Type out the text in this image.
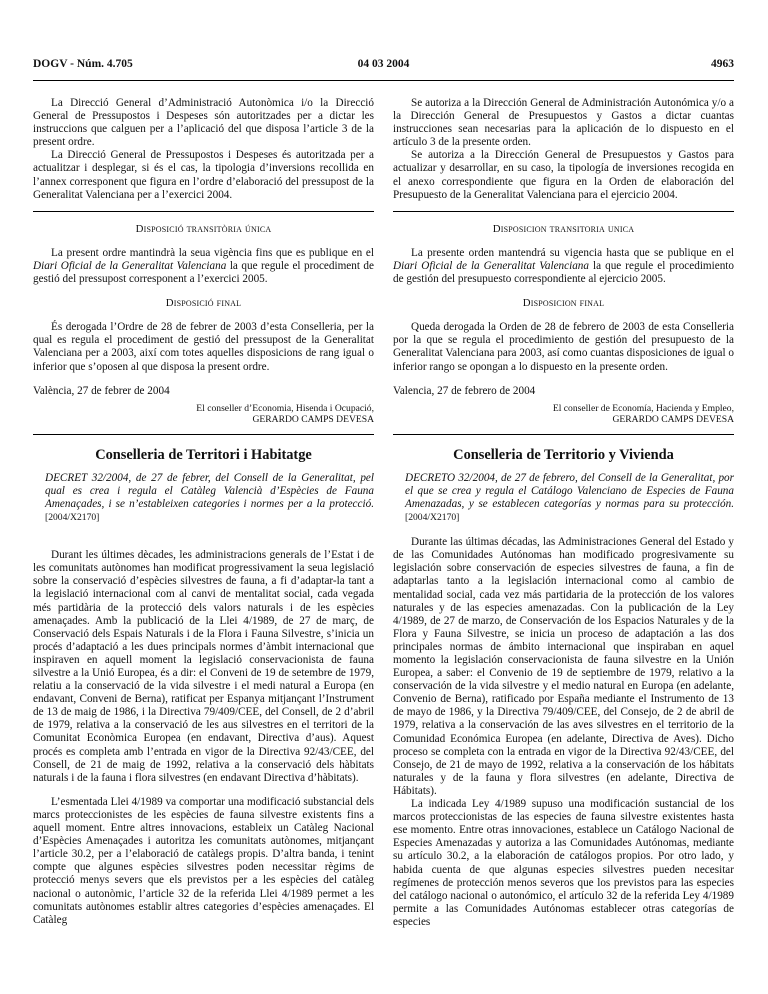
DOGV - Núm. 4.705	04 03 2004	4963

La Direcció General d’Administració Autonòmica i/o la Direcció General de Pressupostos i Despeses són autoritzades per a dictar les instruccions que calguen per a l’aplicació del que disposa l’article 3 de la present ordre.

La Direcció General de Pressupostos i Despeses és autoritzada per a actualitzar i desplegar, si és el cas, la tipologia d’inversions recollida en l’annex corresponent que figura en l’ordre d’elaboració del pressupost de la Generalitat Valenciana per a l’exercici 2004.

Disposició transitòria única

La present ordre mantindrà la seua vigència fins que es publique en el Diari Oficial de la Generalitat Valenciana la que regule el procediment de gestió del pressupost corresponent a l’exercici 2005.

Disposició final

És derogada l’Ordre de 28 de febrer de 2003 d’esta Conselleria, per la qual es regula el procediment de gestió del pressupost de la Generalitat Valenciana per a 2003, així com totes aquelles disposicions de rang igual o inferior que s’oposen al que disposa la present ordre.

València, 27 de febrer de 2004

El conseller d’Economia, Hisenda i Ocupació,

GERARDO CAMPS DEVESA

Conselleria de Territori i Habitatge

DECRET 32/2004, de 27 de febrer, del Consell de la Generalitat, pel qual es crea i regula el Catàleg Valencià d’Espècies de Fauna Amenaçades, i se n’estableixen categories i normes per a la protecció. [2004/X2170]

Durant les últimes dècades, les administracions generals de l’Estat i de les comunitats autònomes han modificat progressivament la seua legislació sobre la conservació d’espècies silvestres de fauna, a fi d’adaptar-la tant a la legislació internacional com al canvi de mentalitat social, cada vegada més partidària de la protecció dels valors naturals i de les espècies amenaçades. Amb la publicació de la Llei 4/1989, de 27 de març, de Conservació dels Espais Naturals i de la Flora i Fauna Silvestre, s’inicia un procés d’adaptació a les dues principals normes d’àmbit internacional que inspiraven en aquell moment la legislació conservacionista de fauna silvestre a la Unió Europea, és a dir: el Conveni de 19 de setembre de 1979, relatiu a la conservació de la vida silvestre i el medi natural a Europa (en endavant, Conveni de Berna), ratificat per Espanya mitjançant l’Instrument de 13 de maig de 1986, i la Directiva 79/409/CEE, del Consell, de 2 d’abril de 1979, relativa a la conservació de les aus silvestres en el territori de la Comunitat Econòmica Europea (en endavant, Directiva d’aus). Aquest procés es completa amb l’entrada en vigor de la Directiva 92/43/CEE, del Consell, de 21 de maig de 1992, relativa a la conservació dels hàbitats naturals i de la fauna i flora silvestres (en endavant Directiva d’hàbitats).

L’esmentada Llei 4/1989 va comportar una modificació substancial dels marcs proteccionistes de les espècies de fauna silvestre existents fins a aquell moment. Entre altres innovacions, estableix un Catàleg Nacional d’Espècies Amenaçades i autoritza les comunitats autònomes, mitjançant l’article 30.2, per a l’elaboració de catàlegs propis. D’altra banda, i tenint compte que algunes espècies silvestres poden necessitar règims de protecció menys severs que els previstos per a les espècies del catàleg nacional o autonòmic, l’article 32 de la referida Llei 4/1989 permet a les comunitats autònomes establir altres categories d’espècies amenaçades. El Catàleg

Se autoriza a la Dirección General de Administración Autonómica y/o a la Dirección General de Presupuestos y Gastos a dictar cuantas instrucciones sean necesarias para la aplicación de lo dispuesto en el artículo 3 de la presente orden.

Se autoriza a la Dirección General de Presupuestos y Gastos para actualizar y desarrollar, en su caso, la tipología de inversiones recogida en el anexo correspondiente que figura en la Orden de elaboración del Presupuesto de la Generalitat Valenciana para el ejercicio 2004.

Disposicion transitoria unica

La presente orden mantendrá su vigencia hasta que se publique en el Diari Oficial de la Generalitat Valenciana la que regule el procedimiento de gestión del presupuesto correspondiente al ejercicio 2005.

Disposicion final

Queda derogada la Orden de 28 de febrero de 2003 de esta Conselleria por la que se regula el procedimiento de gestión del presupuesto de la Generalitat Valenciana para 2003, así como cuantas disposiciones de igual o inferior rango se opongan a lo dispuesto en la presente orden.

Valencia, 27 de febrero de 2004

El conseller de Economía, Hacienda y Empleo,

GERARDO CAMPS DEVESA

Conselleria de Territorio y Vivienda

DECRETO 32/2004, de 27 de febrero, del Consell de la Generalitat, por el que se crea y regula el Catálogo Valenciano de Especies de Fauna Amenazadas, y se establecen categorías y normas para su protección. [2004/X2170]

Durante las últimas décadas, las Administraciones General del Estado y de las Comunidades Autónomas han modificado progresivamente su legislación sobre conservación de especies silvestres de fauna, a fin de adaptarlas tanto a la legislación internacional como al cambio de mentalidad social, cada vez más partidaria de la protección de los valores naturales y de las especies amenazadas. Con la publicación de la Ley 4/1989, de 27 de marzo, de Conservación de los Espacios Naturales y de la Flora y Fauna Silvestre, se inicia un proceso de adaptación a las dos principales normas de ámbito internacional que inspiraban en aquel momento la legislación conservacionista de fauna silvestre en la Unión Europea, a saber: el Convenio de 19 de septiembre de 1979, relativo a la conservación de la vida silvestre y el medio natural en Europa (en adelante, Convenio de Berna), ratificado por España mediante el Instrumento de 13 de mayo de 1986, y la Directiva 79/409/CEE, del Consejo, de 2 de abril de 1979, relativa a la conservación de las aves silvestres en el territorio de la Comunidad Económica Europea (en adelante, Directiva de Aves). Dicho proceso se completa con la entrada en vigor de la Directiva 92/43/CEE, del Consejo, de 21 de mayo de 1992, relativa a la conservación de los hábitats naturales y de la fauna y flora silvestres (en adelante, Directiva de Hábitats).

La indicada Ley 4/1989 supuso una modificación sustancial de los marcos proteccionistas de las especies de fauna silvestre existentes hasta ese momento. Entre otras innovaciones, establece un Catálogo Nacional de Especies Amenazadas y autoriza a las Comunidades Autónomas, mediante su artículo 30.2, a la elaboración de catálogos propios. Por otro lado, y habida cuenta de que algunas especies silvestres pueden necesitar regímenes de protección menos severos que los previstos para las especies del catálogo nacional o autonómico, el artículo 32 de la referida Ley 4/1989 permite a las Comunidades Autónomas establecer otras categorías de especies
